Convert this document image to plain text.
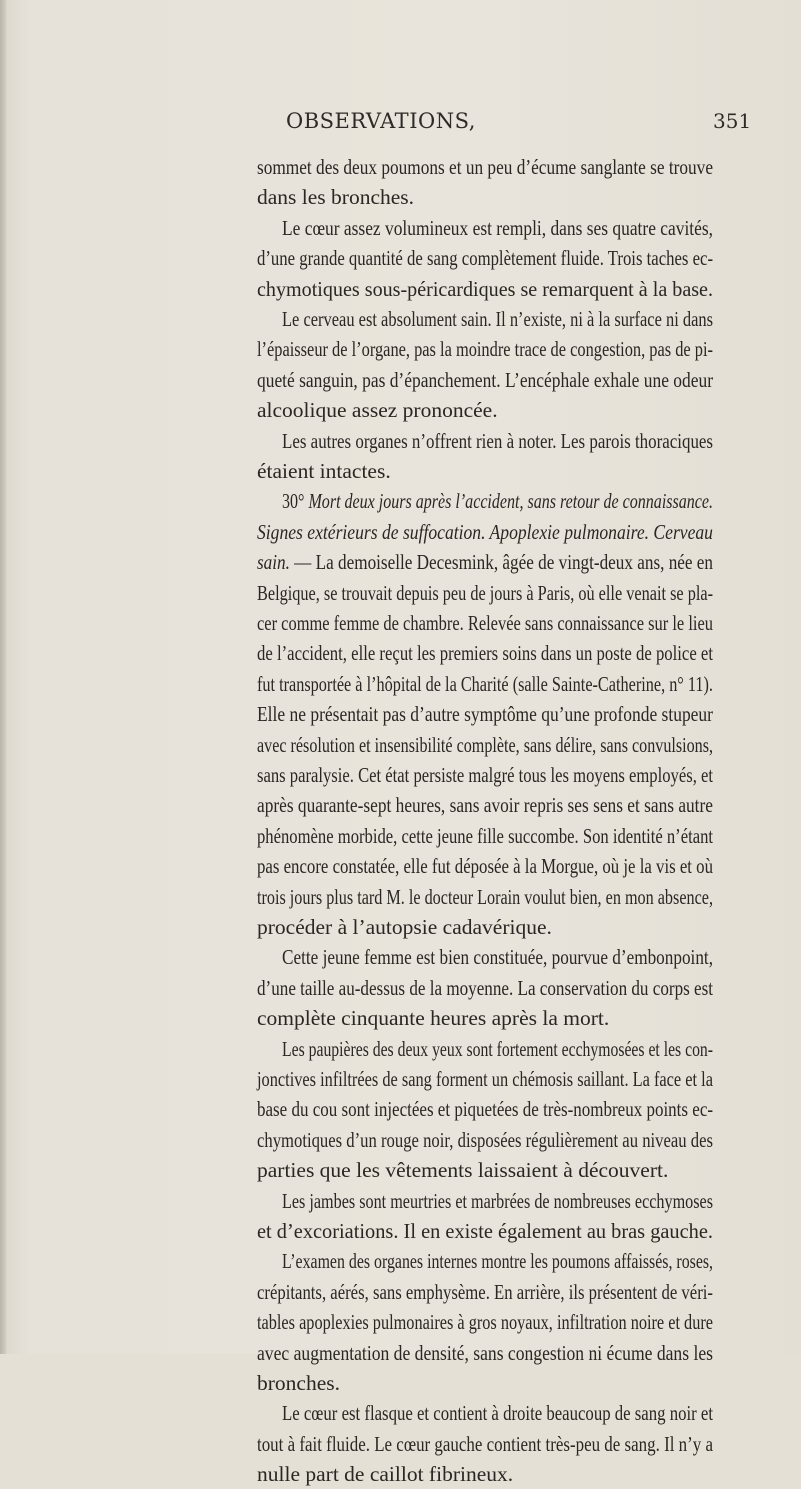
OBSERVATIONS,	351
sommet des deux poumons et un peu d’écume sanglante se trouve
dans les bronches.
Le cœur assez volumineux est rempli, dans ses quatre cavités,
d’une grande quantité de sang complètement fluide. Trois taches ec-
chymotiques sous-péricardiques se remarquent à la base.
Le cerveau est absolument sain. Il n’existe, ni à la surface ni dans
l’épaisseur de l’organe, pas la moindre trace de congestion, pas de pi-
queté sanguin, pas d’épanchement. L’encéphale exhale une odeur
alcoolique assez prononcée.
Les autres organes n’offrent rien à noter. Les parois thoraciques
étaient intactes.
30° Mort deux jours après l’accident, sans retour de connaissance.
Signes extérieurs de suffocation. Apoplexie pulmonaire. Cerveau
sain. — La demoiselle Decesmink, âgée de vingt-deux ans, née en
Belgique, se trouvait depuis peu de jours à Paris, où elle venait se pla-
cer comme femme de chambre. Relevée sans connaissance sur le lieu
de l’accident, elle reçut les premiers soins dans un poste de police et
fut transportée à l’hôpital de la Charité (salle Sainte-Catherine, n° 11).
Elle ne présentait pas d’autre symptôme qu’une profonde stupeur
avec résolution et insensibilité complète, sans délire, sans convulsions,
sans paralysie. Cet état persiste malgré tous les moyens employés, et
après quarante-sept heures, sans avoir repris ses sens et sans autre
phénomène morbide, cette jeune fille succombe. Son identité n’étant
pas encore constatée, elle fut déposée à la Morgue, où je la vis et où
trois jours plus tard M. le docteur Lorain voulut bien, en mon absence,
procéder à l’autopsie cadavérique.
Cette jeune femme est bien constituée, pourvue d’embonpoint,
d’une taille au-dessus de la moyenne. La conservation du corps est
complète cinquante heures après la mort.
Les paupières des deux yeux sont fortement ecchymosées et les con-
jonctives infiltrées de sang forment un chémosis saillant. La face et la
base du cou sont injectées et piquetées de très-nombreux points ec-
chymotiques d’un rouge noir, disposées régulièrement au niveau des
parties que les vêtements laissaient à découvert.
Les jambes sont meurtries et marbrées de nombreuses ecchymoses
et d’excoriations. Il en existe également au bras gauche.
L’examen des organes internes montre les poumons affaissés, roses,
crépitants, aérés, sans emphysème. En arrière, ils présentent de véri-
tables apoplexies pulmonaires à gros noyaux, infiltration noire et dure
avec augmentation de densité, sans congestion ni écume dans les
bronches.
Le cœur est flasque et contient à droite beaucoup de sang noir et
tout à fait fluide. Le cœur gauche contient très-peu de sang. Il n’y a
nulle part de caillot fibrineux.
